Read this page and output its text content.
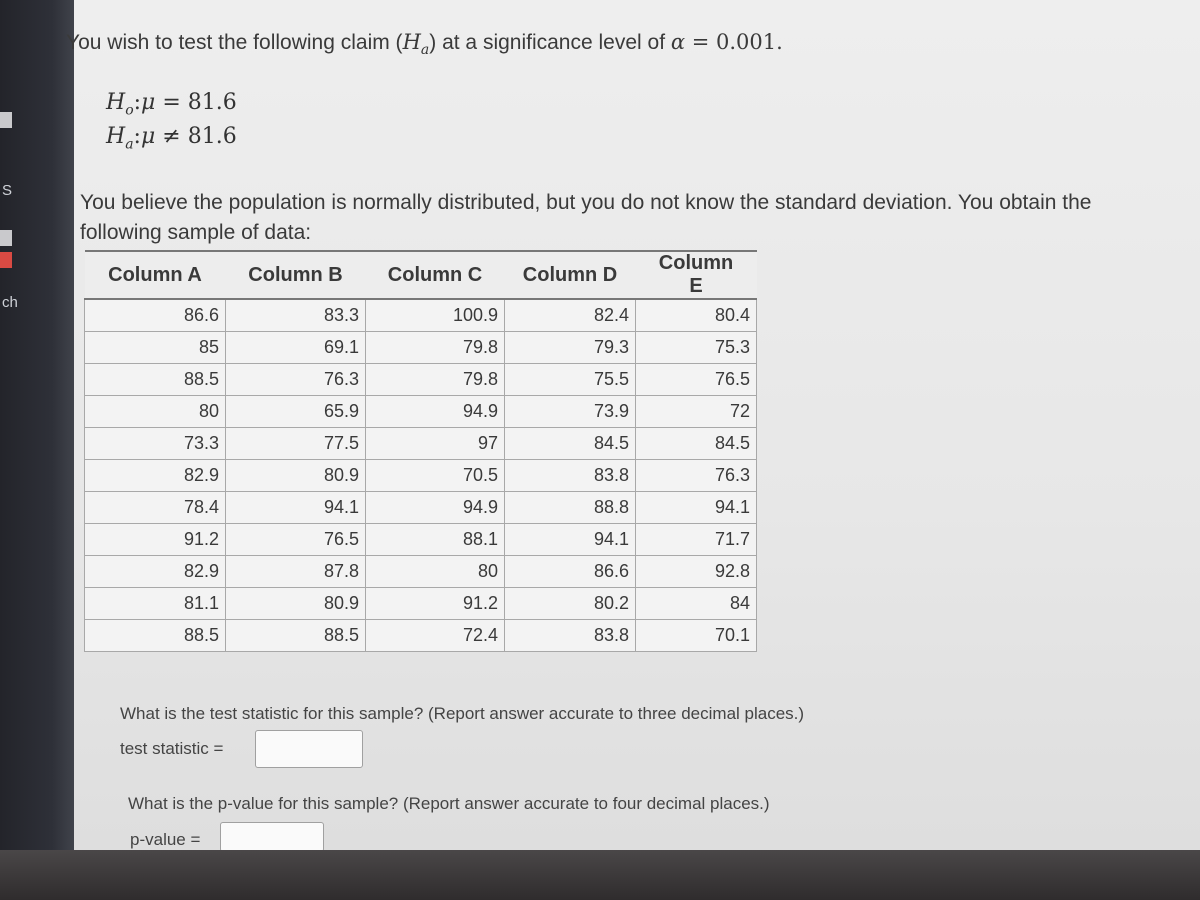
S
ch
You wish to test the following claim $(H_a)$ at a significance level of α = 0.001.
$H_o:\mu = 81.6$
$H_a:\mu \ne 81.6$
You believe the population is normally distributed, but you do not know the standard deviation. You obtain the following sample of data:
Column A	Column B	Column C	Column D	Column E
86.6	83.3	100.9	82.4	80.4
85	69.1	79.8	79.3	75.3
88.5	76.3	79.8	75.5	76.5
80	65.9	94.9	73.9	72
73.3	77.5	97	84.5	84.5
82.9	80.9	70.5	83.8	76.3
78.4	94.1	94.9	88.8	94.1
91.2	76.5	88.1	94.1	71.7
82.9	87.8	80	86.6	92.8
81.1	80.9	91.2	80.2	84
88.5	88.5	72.4	83.8	70.1
What is the test statistic for this sample? (Report answer accurate to three decimal places.)
test statistic =
What is the p-value for this sample? (Report answer accurate to four decimal places.)
p-value =
